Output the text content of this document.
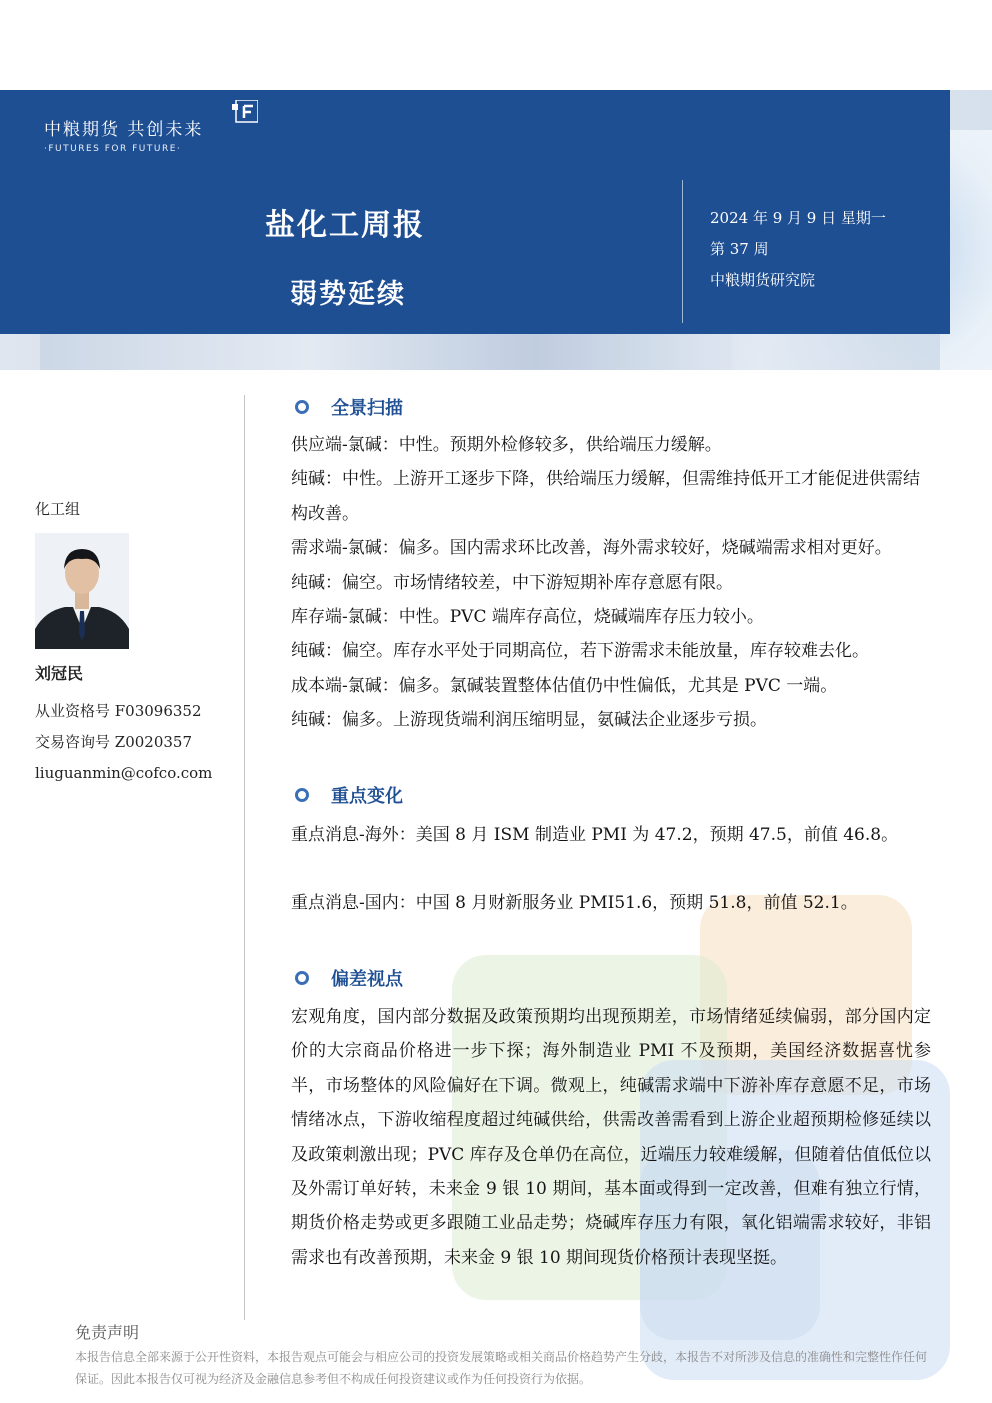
中粮期货 共创未来
·FUTURES FOR FUTURE·
盐化工周报
弱势延续
2024 年 9 月 9 日 星期一
第 37 周
中粮期货研究院
化工组
刘冠民
从业资格号 F03096352
交易咨询号 Z0020357
liuguanmin@cofco.com
全景扫描

供应端-氯碱：中性。预期外检修较多，供给端压力缓解。

纯碱：中性。上游开工逐步下降，供给端压力缓解，但需维持低开工才能促进供需结构改善。

需求端-氯碱：偏多。国内需求环比改善，海外需求较好，烧碱端需求相对更好。

纯碱：偏空。市场情绪较差，中下游短期补库存意愿有限。

库存端-氯碱：中性。PVC 端库存高位，烧碱端库存压力较小。

纯碱：偏空。库存水平处于同期高位，若下游需求未能放量，库存较难去化。

成本端-氯碱：偏多。氯碱装置整体估值仍中性偏低，尤其是 PVC 一端。

纯碱：偏多。上游现货端利润压缩明显，氨碱法企业逐步亏损。

重点变化
重点消息-海外：美国 8 月 ISM 制造业 PMI 为 47.2，预期 47.5，前值 46.8。
重点消息-国内：中国 8 月财新服务业 PMI51.6，预期 51.8，前值 52.1。
偏差视点
宏观角度，国内部分数据及政策预期均出现预期差，市场情绪延续偏弱，部分国内定价的大宗商品价格进一步下探；海外制造业 PMI 不及预期，美国经济数据喜忧参半，市场整体的风险偏好在下调。微观上，纯碱需求端中下游补库存意愿不足，市场情绪冰点，下游收缩程度超过纯碱供给，供需改善需看到上游企业超预期检修延续以及政策刺激出现；PVC 库存及仓单仍在高位，近端压力较难缓解，但随着估值低位以及外需订单好转，未来金 9 银 10 期间，基本面或得到一定改善，但难有独立行情，期货价格走势或更多跟随工业品走势；烧碱库存压力有限，氧化铝端需求较好，非铝需求也有改善预期，未来金 9 银 10 期间现货价格预计表现坚挺。
免责声明
本报告信息全部来源于公开性资料，本报告观点可能会与相应公司的投资发展策略或相关商品价格趋势产生分歧，本报告不对所涉及信息的准确性和完整性作任何保证。因此本报告仅可视为经济及金融信息参考但不构成任何投资建议或作为任何投资行为依据。
